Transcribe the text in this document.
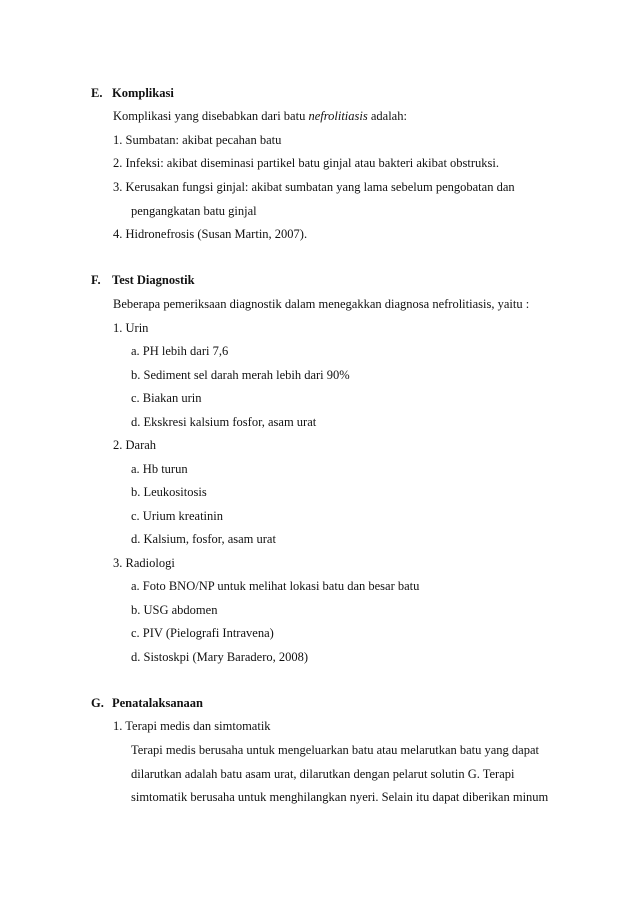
E. Komplikasi
Komplikasi yang disebabkan dari batu nefrolitiasis adalah:
1. Sumbatan: akibat pecahan batu
2. Infeksi: akibat diseminasi partikel batu ginjal atau bakteri akibat obstruksi.
3. Kerusakan fungsi ginjal: akibat sumbatan yang lama sebelum pengobatan dan
pengangkatan batu ginjal
4. Hidronefrosis (Susan Martin, 2007).
F. Test Diagnostik
Beberapa pemeriksaan diagnostik dalam menegakkan diagnosa nefrolitiasis, yaitu :
1. Urin
a. PH lebih dari 7,6
b. Sediment sel darah merah lebih dari 90%
c. Biakan urin
d. Ekskresi kalsium fosfor, asam urat
2. Darah
a. Hb turun
b. Leukositosis
c. Urium kreatinin
d. Kalsium, fosfor, asam urat
3. Radiologi
a. Foto BNO/NP untuk melihat lokasi batu dan besar batu
b. USG abdomen
c. PIV (Pielografi Intravena)
d. Sistoskpi (Mary Baradero, 2008)
G. Penatalaksanaan
1. Terapi medis dan simtomatik
Terapi medis berusaha untuk mengeluarkan batu atau melarutkan batu yang dapat
dilarutkan adalah batu asam urat, dilarutkan dengan pelarut solutin G. Terapi
simtomatik berusaha untuk menghilangkan nyeri. Selain itu dapat diberikan minum
